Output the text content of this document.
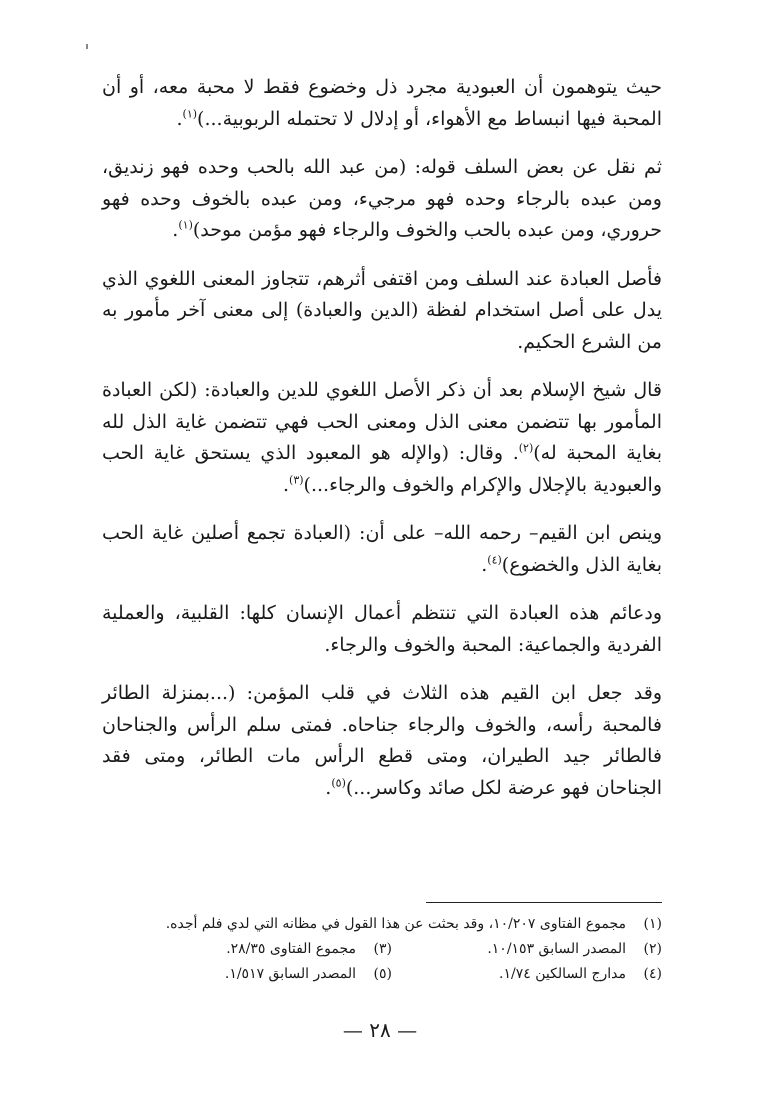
حيث يتوهمون أن العبودية مجرد ذل وخضوع فقط لا محبة معه، أو أن المحبة فيها انبساط مع الأهواء، أو إدلال لا تحتمله الربوبية...)$^{(١)}$.

ثم نقل عن بعض السلف قوله: (من عبد الله بالحب وحده فهو زنديق، ومن عبده بالرجاء وحده فهو مرجيء، ومن عبده بالخوف وحده فهو حروري، ومن عبده بالحب والخوف والرجاء فهو مؤمن موحد)$^{(١)}$.

فأصل العبادة عند السلف ومن اقتفى أثرهم، تتجاوز المعنى اللغوي الذي يدل على أصل استخدام لفظة (الدين والعبادة) إلى معنى آخر مأمور به من الشرع الحكيم.

قال شيخ الإسلام بعد أن ذكر الأصل اللغوي للدين والعبادة: (لكن العبادة المأمور بها تتضمن معنى الذل ومعنى الحب فهي تتضمن غاية الذل لله بغاية المحبة له)$^{(٢)}$. وقال: (والإله هو المعبود الذي يستحق غاية الحب والعبودية بالإجلال والإكرام والخوف والرجاء...)$^{(٣)}$.

وينص ابن القيم– رحمه الله– على أن: (العبادة تجمع أصلين غاية الحب بغاية الذل والخضوع)$^{(٤)}$.

ودعائم هذه العبادة التي تنتظم أعمال الإنسان كلها: القلبية، والعملية الفردية والجماعية: المحبة والخوف والرجاء.

وقد جعل ابن القيم هذه الثلاث في قلب المؤمن: (...بمنزلة الطائر فالمحبة رأسه، والخوف والرجاء جناحاه. فمتى سلم الرأس والجناحان فالطائر جيد الطيران، ومتى قطع الرأس مات الطائر، ومتى فقد الجناحان فهو عرضة لكل صائد وكاسر...)$^{(٥)}$.

(١)
مجموع الفتاوى ١٠/٢٠٧، وقد بحثت عن هذا القول في مظانه التي لدي فلم أجده.
(٢)
المصدر السابق ١٠/١٥٣.
(٣)
مجموع الفتاوى ٢٨/٣٥.
(٤)
مدارج السالكين ١/٧٤.
(٥)
المصدر السابق ١/٥١٧.
— ٢٨ —
